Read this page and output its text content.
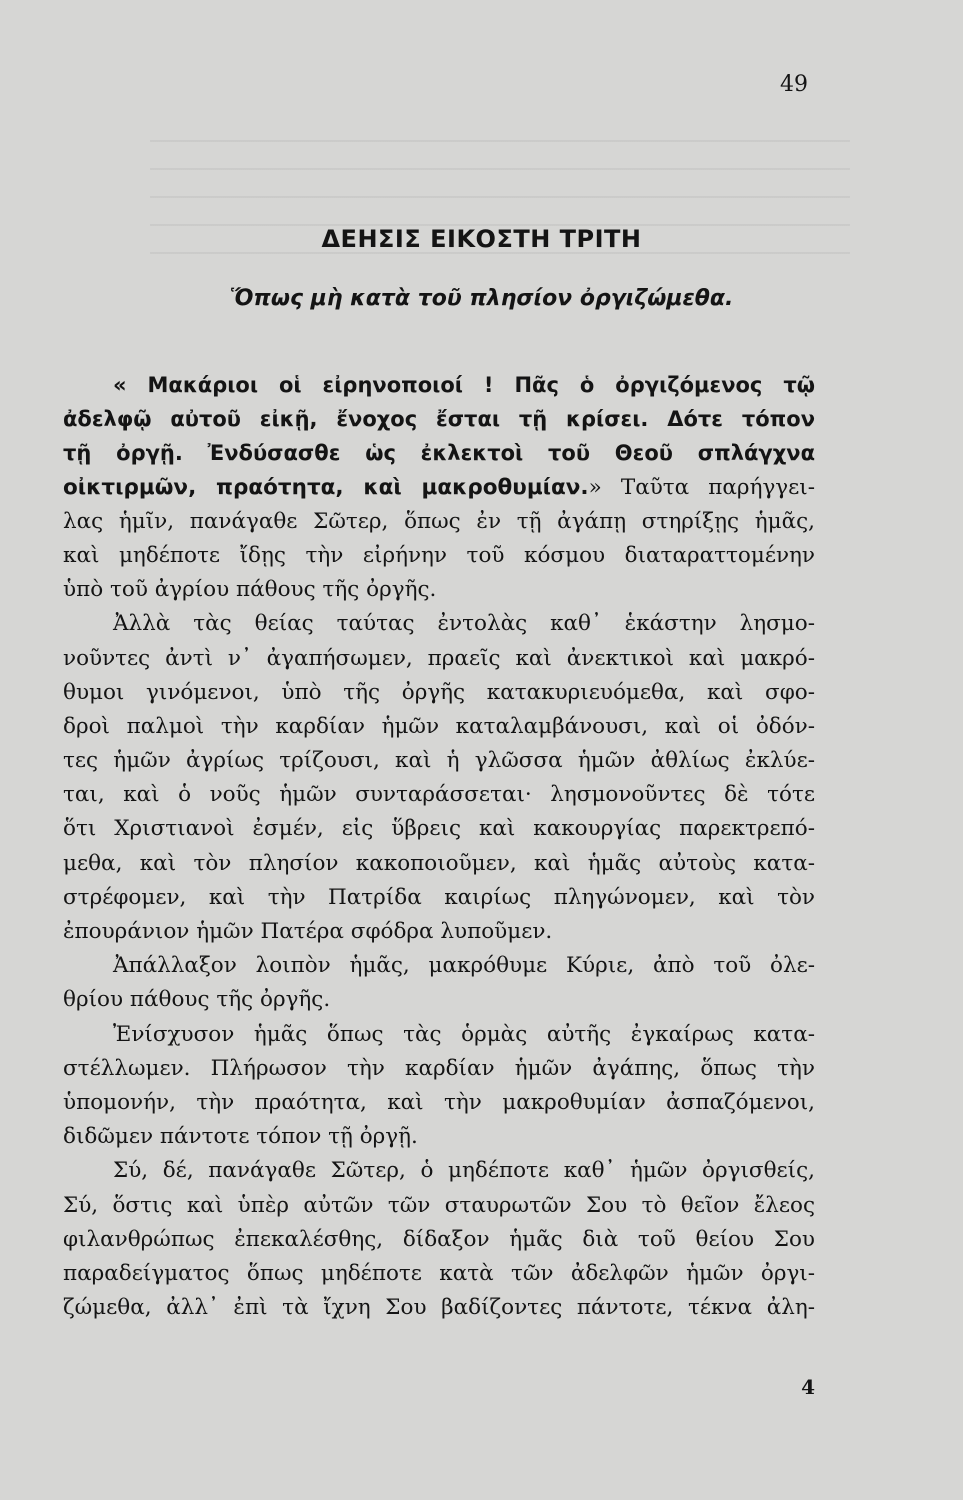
49
ΔΕΗΣΙΣ ΕΙΚΟΣΤΗ ΤΡΙΤΗ
Ὅπως μὴ κατὰ τοῦ πλησίον ὀργιζώμεθα.
« Μακάριοι οἱ εἰρηνοποιοί ! Πᾶς ὁ ὀργιζόμενος τῷ
ἀδελφῷ αὐτοῦ εἰκῇ, ἔνοχος ἔσται τῇ κρίσει. Δότε τόπον
τῇ ὀργῇ. Ἐνδύσασθε ὡς ἐκλεκτοὶ τοῦ Θεοῦ σπλάγχνα
οἰκτιρμῶν, πραότητα, καὶ μακροθυμίαν.» Ταῦτα παρήγγει-
λας ἡμῖν, πανάγαθε Σῶτερ, ὅπως ἐν τῇ ἀγάπῃ στηρίξῃς ἡμᾶς,
καὶ μηδέποτε ἴδῃς τὴν εἰρήνην τοῦ κόσμου διαταραττομένην
ὑπὸ τοῦ ἀγρίου πάθους τῆς ὀργῆς.
Ἀλλὰ τὰς θείας ταύτας ἐντολὰς καθ᾿ ἑκάστην λησμο-
νοῦντες ἀντὶ ν᾿ ἀγαπήσωμεν, πραεῖς καὶ ἀνεκτικοὶ καὶ μακρό-
θυμοι γινόμενοι, ὑπὸ τῆς ὀργῆς κατακυριευόμεθα, καὶ σφο-
δροὶ παλμοὶ τὴν καρδίαν ἡμῶν καταλαμβάνουσι, καὶ οἱ ὀδόν-
τες ἡμῶν ἀγρίως τρίζουσι, καὶ ἡ γλῶσσα ἡμῶν ἀθλίως ἐκλύε-
ται, καὶ ὁ νοῦς ἡμῶν συνταράσσεται· λησμονοῦντες δὲ τότε
ὅτι Χριστιανοὶ ἐσμέν, εἰς ὕβρεις καὶ κακουργίας παρεκτρεπό-
μεθα, καὶ τὸν πλησίον κακοποιοῦμεν, καὶ ἡμᾶς αὐτοὺς κατα-
στρέφομεν, καὶ τὴν Πατρίδα καιρίως πληγώνομεν, καὶ τὸν
ἐπουράνιον ἡμῶν Πατέρα σφόδρα λυποῦμεν.
Ἀπάλλαξον λοιπὸν ἡμᾶς, μακρόθυμε Κύριε, ἀπὸ τοῦ ὀλε-
θρίου πάθους τῆς ὀργῆς.
Ἐνίσχυσον ἡμᾶς ὅπως τὰς ὁρμὰς αὐτῆς ἐγκαίρως κατα-
στέλλωμεν. Πλήρωσον τὴν καρδίαν ἡμῶν ἀγάπης, ὅπως τὴν
ὑπομονήν, τὴν πραότητα, καὶ τὴν μακροθυμίαν ἀσπαζόμενοι,
διδῶμεν πάντοτε τόπον τῇ ὀργῇ.
Σύ, δέ, πανάγαθε Σῶτερ, ὁ μηδέποτε καθ᾿ ἡμῶν ὀργισθείς,
Σύ, ὅστις καὶ ὑπὲρ αὐτῶν τῶν σταυρωτῶν Σου τὸ θεῖον ἔλεος
φιλανθρώπως ἐπεκαλέσθης, δίδαξον ἡμᾶς διὰ τοῦ θείου Σου
παραδείγματος ὅπως μηδέποτε κατὰ τῶν ἀδελφῶν ἡμῶν ὀργι-
ζώμεθα, ἀλλ᾿ ἐπὶ τὰ ἴχνη Σου βαδίζοντες πάντοτε, τέκνα ἀλη-
4
